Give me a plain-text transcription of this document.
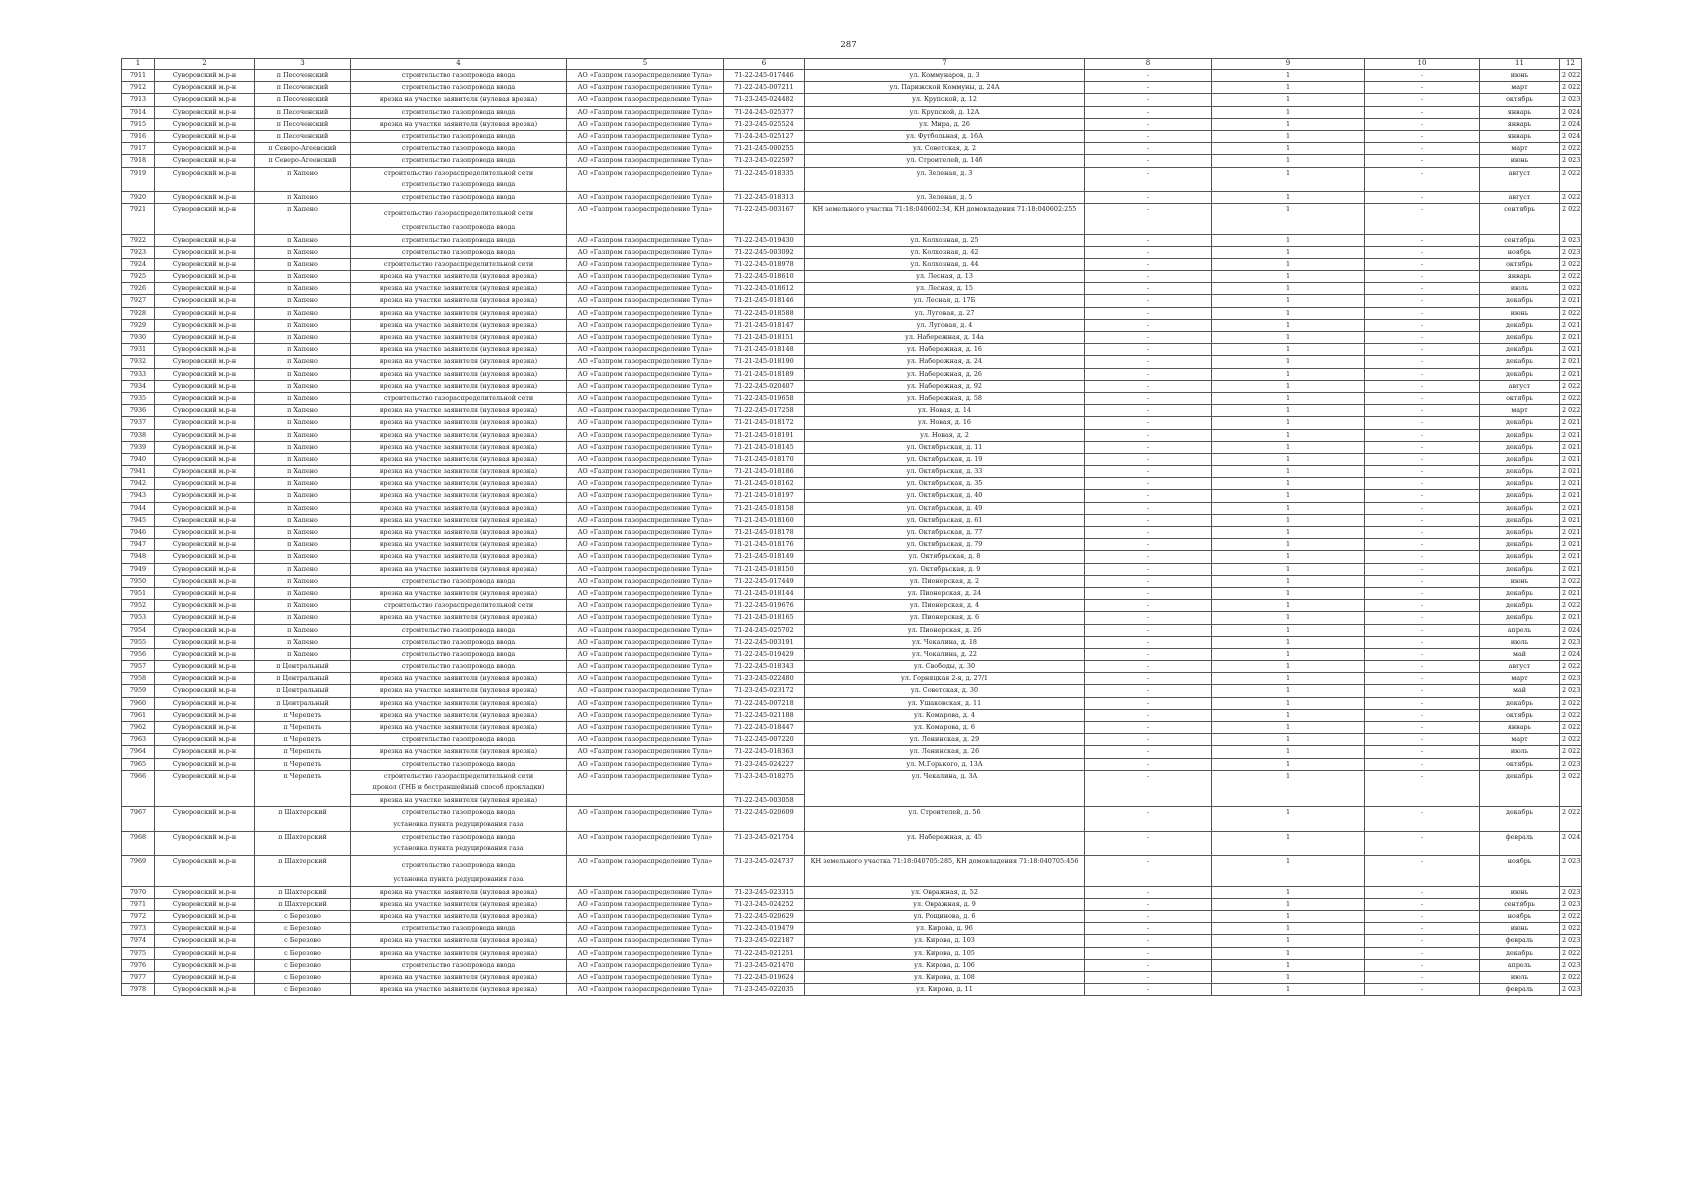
287
1	2	3	4	5	6	7	8	9	10	11	12
7911	Суворовский м.р-н	п Песоченский	строительство газопровода ввода	АО «Газпром газораспределение Тула»	71-22-245-017446	ул. Коммунаров, д. 3	-	1	-	июнь	2 022
7912	Суворовский м.р-н	п Песоченский	строительство газопровода ввода	АО «Газпром газораспределение Тула»	71-22-245-007211	ул. Парижской Коммуны, д. 24А	-	1	-	март	2 022
7913	Суворовский м.р-н	п Песоченский	врезка на участке заявителя (нулевая врезка)	АО «Газпром газораспределение Тула»	71-23-245-024482	ул. Крупской, д. 12	-	1	-	октябрь	2 023
7914	Суворовский м.р-н	п Песоченский	строительство газопровода ввода	АО «Газпром газораспределение Тула»	71-24-245-025377	ул. Крупской, д. 12А	-	1	-	январь	2 024
7915	Суворовский м.р-н	п Песоченский	врезка на участке заявителя (нулевая врезка)	АО «Газпром газораспределение Тула»	71-23-245-025524	ул. Мира, д. 26	-	1	-	январь	2 024
7916	Суворовский м.р-н	п Песоченский	строительство газопровода ввода	АО «Газпром газораспределение Тула»	71-24-245-025127	ул. Футбольная, д. 16А	-	1	-	январь	2 024
7917	Суворовский м.р-н	п Северо-Агеевский	строительство газопровода ввода	АО «Газпром газораспределение Тула»	71-21-245-000255	ул. Советская, д. 2	-	1	-	март	2 022
7918	Суворовский м.р-н	п Северо-Агеевский	строительство газопровода ввода	АО «Газпром газораспределение Тула»	71-23-245-022597	ул. Строителей, д. 14б	-	1	-	июнь	2 023
7919	Суворовский м.р-н	п Хапено	строительство газораспределительной сети	АО «Газпром газораспределение Тула»	71-22-245-018335	ул. Зеленая, д. 3	-	1	-	август	2 022
			строительство газопровода ввода								
7920	Суворовский м.р-н	п Хапено	строительство газопровода ввода	АО «Газпром газораспределение Тула»	71-22-245-018313	ул. Зеленая, д. 5	-	1	-	август	2 022
7921	Суворовский м.р-н	п Хапено	строительство газораспределительной сети	АО «Газпром газораспределение Тула»	71-22-245-003167	КН земельного участка 71:18:040602:34, КН домовладения 71:18:040602:255	-	1	-	сентябрь	2 022
			строительство газопровода ввода								
7922	Суворовский м.р-н	п Хапено	строительство газопровода ввода	АО «Газпром газораспределение Тула»	71-22-245-019430	ул. Колхозная, д. 25	-	1	-	сентябрь	2 023
7923	Суворовский м.р-н	п Хапено	строительство газопровода ввода	АО «Газпром газораспределение Тула»	71-22-245-003092	ул. Колхозная, д. 42	-	1	-	ноябрь	2 023
7924	Суворовский м.р-н	п Хапено	строительство газораспределительной сети	АО «Газпром газораспределение Тула»	71-22-245-018978	ул. Колхозная, д. 44	-	1	-	октябрь	2 022
7925	Суворовский м.р-н	п Хапено	врезка на участке заявителя (нулевая врезка)	АО «Газпром газораспределение Тула»	71-22-245-018610	ул. Лесная, д. 13	-	1	-	январь	2 022
7926	Суворовский м.р-н	п Хапено	врезка на участке заявителя (нулевая врезка)	АО «Газпром газораспределение Тула»	71-22-245-018612	ул. Лесная, д. 15	-	1	-	июль	2 022
7927	Суворовский м.р-н	п Хапено	врезка на участке заявителя (нулевая врезка)	АО «Газпром газораспределение Тула»	71-21-245-018146	ул. Лесная, д. 17Б	-	1	-	декабрь	2 021
7928	Суворовский м.р-н	п Хапено	врезка на участке заявителя (нулевая врезка)	АО «Газпром газораспределение Тула»	71-22-245-018588	ул. Луговая, д. 27	-	1	-	июнь	2 022
7929	Суворовский м.р-н	п Хапено	врезка на участке заявителя (нулевая врезка)	АО «Газпром газораспределение Тула»	71-21-245-018147	ул. Луговая, д. 4	-	1	-	декабрь	2 021
7930	Суворовский м.р-н	п Хапено	врезка на участке заявителя (нулевая врезка)	АО «Газпром газораспределение Тула»	71-21-245-018151	ул. Набережная, д. 14а	-	1	-	декабрь	2 021
7931	Суворовский м.р-н	п Хапено	врезка на участке заявителя (нулевая врезка)	АО «Газпром газораспределение Тула»	71-21-245-018148	ул. Набережная, д. 16	-	1	-	декабрь	2 021
7932	Суворовский м.р-н	п Хапено	врезка на участке заявителя (нулевая врезка)	АО «Газпром газораспределение Тула»	71-21-245-018190	ул. Набережная, д. 24	-	1	-	декабрь	2 021
7933	Суворовский м.р-н	п Хапено	врезка на участке заявителя (нулевая врезка)	АО «Газпром газораспределение Тула»	71-21-245-018189	ул. Набережная, д. 26	-	1	-	декабрь	2 021
7934	Суворовский м.р-н	п Хапено	врезка на участке заявителя (нулевая врезка)	АО «Газпром газораспределение Тула»	71-22-245-020407	ул. Набережная, д. 92	-	1	-	август	2 022
7935	Суворовский м.р-н	п Хапено	строительство газораспределительной сети	АО «Газпром газораспределение Тула»	71-22-245-019658	ул. Набережная, д. 58	-	1	-	октябрь	2 022
7936	Суворовский м.р-н	п Хапено	врезка на участке заявителя (нулевая врезка)	АО «Газпром газораспределение Тула»	71-22-245-017258	ул. Новая, д. 14	-	1	-	март	2 022
7937	Суворовский м.р-н	п Хапено	врезка на участке заявителя (нулевая врезка)	АО «Газпром газораспределение Тула»	71-21-245-018172	ул. Новая, д. 16	-	1	-	декабрь	2 021
7938	Суворовский м.р-н	п Хапено	врезка на участке заявителя (нулевая врезка)	АО «Газпром газораспределение Тула»	71-21-245-018191	ул. Новая, д. 2	-	1	-	декабрь	2 021
7939	Суворовский м.р-н	п Хапено	врезка на участке заявителя (нулевая врезка)	АО «Газпром газораспределение Тула»	71-21-245-018145	ул. Октябрьская, д. 11	-	1	-	декабрь	2 021
7940	Суворовский м.р-н	п Хапено	врезка на участке заявителя (нулевая врезка)	АО «Газпром газораспределение Тула»	71-21-245-018170	ул. Октябрьская, д. 19	-	1	-	декабрь	2 021
7941	Суворовский м.р-н	п Хапено	врезка на участке заявителя (нулевая врезка)	АО «Газпром газораспределение Тула»	71-21-245-018186	ул. Октябрьская, д. 33	-	1	-	декабрь	2 021
7942	Суворовский м.р-н	п Хапено	врезка на участке заявителя (нулевая врезка)	АО «Газпром газораспределение Тула»	71-21-245-018162	ул. Октябрьская, д. 35	-	1	-	декабрь	2 021
7943	Суворовский м.р-н	п Хапено	врезка на участке заявителя (нулевая врезка)	АО «Газпром газораспределение Тула»	71-21-245-018197	ул. Октябрьская, д. 40	-	1	-	декабрь	2 021
7944	Суворовский м.р-н	п Хапено	врезка на участке заявителя (нулевая врезка)	АО «Газпром газораспределение Тула»	71-21-245-018158	ул. Октябрьская, д. 49	-	1	-	декабрь	2 021
7945	Суворовский м.р-н	п Хапено	врезка на участке заявителя (нулевая врезка)	АО «Газпром газораспределение Тула»	71-21-245-018160	ул. Октябрьская, д. 61	-	1	-	декабрь	2 021
7946	Суворовский м.р-н	п Хапено	врезка на участке заявителя (нулевая врезка)	АО «Газпром газораспределение Тула»	71-21-245-018178	ул. Октябрьская, д. 77	-	1	-	декабрь	2 021
7947	Суворовский м.р-н	п Хапено	врезка на участке заявителя (нулевая врезка)	АО «Газпром газораспределение Тула»	71-21-245-018176	ул. Октябрьская, д. 79	-	1	-	декабрь	2 021
7948	Суворовский м.р-н	п Хапено	врезка на участке заявителя (нулевая врезка)	АО «Газпром газораспределение Тула»	71-21-245-018149	ул. Октябрьская, д. 8	-	1	-	декабрь	2 021
7949	Суворовский м.р-н	п Хапено	врезка на участке заявителя (нулевая врезка)	АО «Газпром газораспределение Тула»	71-21-245-018150	ул. Октябрьская, д. 9	-	1	-	декабрь	2 021
7950	Суворовский м.р-н	п Хапено	строительство газопровода ввода	АО «Газпром газораспределение Тула»	71-22-245-017449	ул. Пионерская, д. 2	-	1	-	июнь	2 022
7951	Суворовский м.р-н	п Хапено	врезка на участке заявителя (нулевая врезка)	АО «Газпром газораспределение Тула»	71-21-245-018144	ул. Пионерская, д. 24	-	1	-	декабрь	2 021
7952	Суворовский м.р-н	п Хапено	строительство газораспределительной сети	АО «Газпром газораспределение Тула»	71-22-245-019676	ул. Пионерская, д. 4	-	1	-	декабрь	2 022
7953	Суворовский м.р-н	п Хапено	врезка на участке заявителя (нулевая врезка)	АО «Газпром газораспределение Тула»	71-21-245-018165	ул. Пионерская, д. 6	-	1	-	декабрь	2 021
7954	Суворовский м.р-н	п Хапено	строительство газопровода ввода	АО «Газпром газораспределение Тула»	71-24-245-025702	ул. Пионерская, д. 26	-	1	-	апрель	2 024
7955	Суворовский м.р-н	п Хапено	строительство газопровода ввода	АО «Газпром газораспределение Тула»	71-22-245-003191	ул. Чекалина, д. 18	-	1	-	июль	2 023
7956	Суворовский м.р-н	п Хапено	строительство газопровода ввода	АО «Газпром газораспределение Тула»	71-22-245-019429	ул. Чекалина, д. 22	-	1	-	май	2 024
7957	Суворовский м.р-н	п Центральный	строительство газопровода ввода	АО «Газпром газораспределение Тула»	71-22-245-018343	ул. Свободы, д. 30	-	1	-	август	2 022
7958	Суворовский м.р-н	п Центральный	врезка на участке заявителя (нулевая врезка)	АО «Газпром газораспределение Тула»	71-23-245-022480	ул. Горняцкая 2-я, д. 27/1	-	1	-	март	2 023
7959	Суворовский м.р-н	п Центральный	врезка на участке заявителя (нулевая врезка)	АО «Газпром газораспределение Тула»	71-23-245-023172	ул. Советская, д. 30	-	1	-	май	2 023
7960	Суворовский м.р-н	п Центральный	врезка на участке заявителя (нулевая врезка)	АО «Газпром газораспределение Тула»	71-22-245-007218	ул. Ушаковская, д. 11	-	1	-	декабрь	2 022
7961	Суворовский м.р-н	п Черепеть	врезка на участке заявителя (нулевая врезка)	АО «Газпром газораспределение Тула»	71-22-245-021188	ул. Комарова, д. 4	-	1	-	октябрь	2 022
7962	Суворовский м.р-н	п Черепеть	врезка на участке заявителя (нулевая врезка)	АО «Газпром газораспределение Тула»	71-22-245-018447	ул. Комарова, д. 6	-	1	-	январь	2 022
7963	Суворовский м.р-н	п Черепеть	строительство газопровода ввода	АО «Газпром газораспределение Тула»	71-22-245-007220	ул. Ленинская, д. 29	-	1	-	март	2 022
7964	Суворовский м.р-н	п Черепеть	врезка на участке заявителя (нулевая врезка)	АО «Газпром газораспределение Тула»	71-22-245-018363	ул. Ленинская, д. 26	-	1	-	июль	2 022
7965	Суворовский м.р-н	п Черепеть	строительство газопровода ввода	АО «Газпром газораспределение Тула»	71-23-245-024227	ул. М.Горького, д. 13А	-	1	-	октябрь	2 023
7966	Суворовский м.р-н	п Черепеть	строительство газораспределительной сети	АО «Газпром газораспределение Тула»	71-23-245-018275	ул. Чекалина, д. 3А	-	1	-	декабрь	2 022
			прокол (ГНБ и бестраншейный способ прокладки)								
			врезка на участке заявителя (нулевая врезка)		71-22-245-003058						
7967	Суворовский м.р-н	п Шахтерский	строительство газопровода ввода	АО «Газпром газораспределение Тула»	71-22-245-020609	ул. Строителей, д. 56	-	1	-	декабрь	2 022
			установка пункта редуцирования газа								
7968	Суворовский м.р-н	п Шахтерский	строительство газопровода ввода	АО «Газпром газораспределение Тула»	71-23-245-021754	ул. Набережная, д. 45	-	1	-	февраль	2 024
			установка пункта редуцирования газа								
7969	Суворовский м.р-н	п Шахтерский	строительство газопровода ввода	АО «Газпром газораспределение Тула»	71-23-245-024737	КН земельного участка 71:18:040705:285, КН домовладения 71:18:040705:456	-	1	-	ноябрь	2 023
			установка пункта редуцирования газа								
7970	Суворовский м.р-н	п Шахтерский	врезка на участке заявителя (нулевая врезка)	АО «Газпром газораспределение Тула»	71-23-245-023315	ул. Овражная, д. 52	-	1	-	июнь	2 023
7971	Суворовский м.р-н	п Шахтерский	врезка на участке заявителя (нулевая врезка)	АО «Газпром газораспределение Тула»	71-23-245-024252	ул. Овражная, д. 9	-	1	-	сентябрь	2 023
7972	Суворовский м.р-н	с Березово	врезка на участке заявителя (нулевая врезка)	АО «Газпром газораспределение Тула»	71-22-245-020629	ул. Рощинова, д. 6	-	1	-	ноябрь	2 022
7973	Суворовский м.р-н	с Березово	строительство газопровода ввода	АО «Газпром газораспределение Тула»	71-22-245-019479	ул. Кирова, д. 96	-	1	-	июнь	2 022
7974	Суворовский м.р-н	с Березово	врезка на участке заявителя (нулевая врезка)	АО «Газпром газораспределение Тула»	71-23-245-022187	ул. Кирова, д. 103	-	1	-	февраль	2 023
7975	Суворовский м.р-н	с Березово	врезка на участке заявителя (нулевая врезка)	АО «Газпром газораспределение Тула»	71-22-245-021251	ул. Кирова, д. 105	-	1	-	декабрь	2 022
7976	Суворовский м.р-н	с Березово	строительство газопровода ввода	АО «Газпром газораспределение Тула»	71-23-245-021470	ул. Кирова, д. 106	-	1	-	апрель	2 023
7977	Суворовский м.р-н	с Березово	врезка на участке заявителя (нулевая врезка)	АО «Газпром газораспределение Тула»	71-22-245-019624	ул. Кирова, д. 108	-	1	-	июль	2 022
7978	Суворовский м.р-н	с Березово	врезка на участке заявителя (нулевая врезка)	АО «Газпром газораспределение Тула»	71-23-245-022035	ул. Кирова, д. 11	-	1	-	февраль	2 023
